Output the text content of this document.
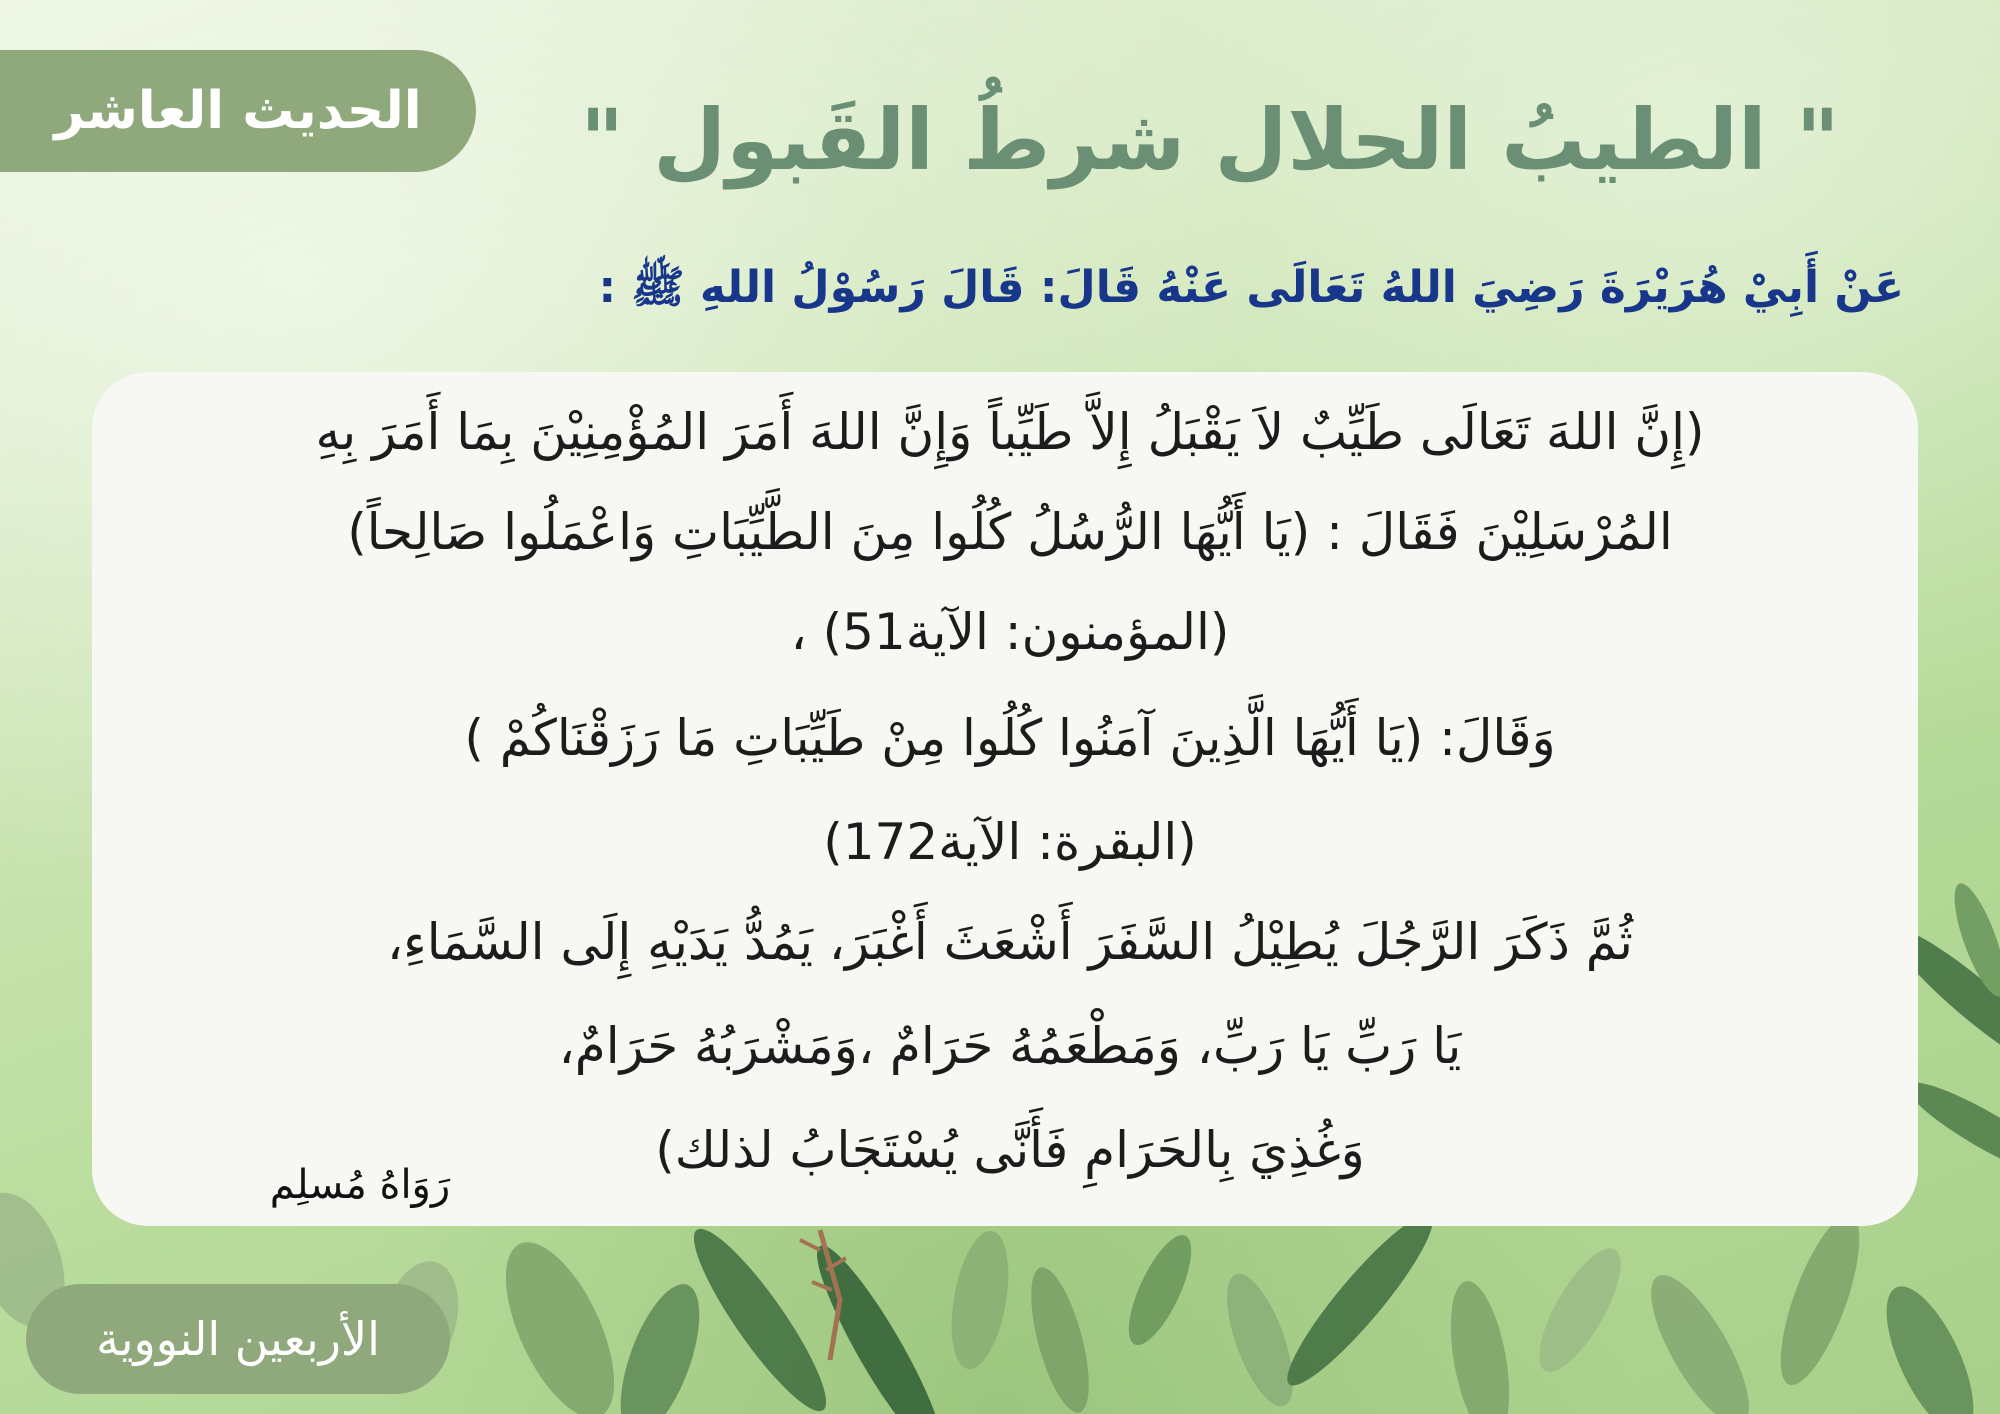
الحديث العاشر " الطيبُ الحلال شرطُ القَبول "
عَنْ أَبِيْ هُرَيْرَةَ رَضِيَ اللهُ تَعَالَى عَنْهُ قَالَ: قَالَ رَسُوْلُ اللهِ ﷺ :
(إِنَّ اللهَ تَعَالَى طَيِّبٌ لاَ يَقْبَلُ إِلاَّ طَيِّباً وَإِنَّ اللهَ أَمَرَ المُؤْمِنِيْنَ بِمَا أَمَرَ بِهِ
المُرْسَلِيْنَ فَقَالَ : (يَا أَيُّهَا الرُّسُلُ كُلُوا مِنَ الطَّيِّبَاتِ وَاعْمَلُوا صَالِحاً)
(المؤمنون: الآية51) ،
وَقَالَ: (يَا أَيُّهَا الَّذِينَ آمَنُوا كُلُوا مِنْ طَيِّبَاتِ مَا رَزَقْنَاكُمْ )
(البقرة: الآية172)
ثُمَّ ذَكَرَ الرَّجُلَ يُطِيْلُ السَّفَرَ أَشْعَثَ أَغْبَرَ، يَمُدُّ يَدَيْهِ إِلَى السَّمَاءِ،
يَا رَبِّ يَا رَبِّ، وَمَطْعَمُهُ حَرَامٌ ،وَمَشْرَبُهُ حَرَامٌ،
وَغُذِيَ بِالحَرَامِ فَأَنَّى يُسْتَجَابُ لذلك)
رَوَاهُ مُسلِم
الأربعين النووية
